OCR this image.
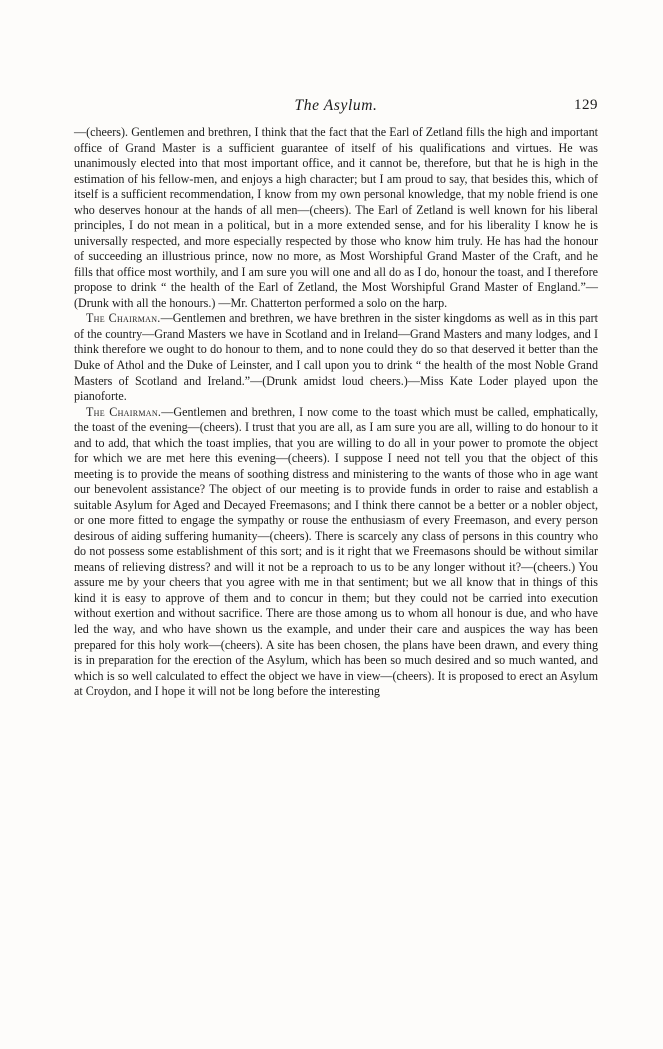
The Asylum.	129

—(cheers). Gentlemen and brethren, I think that the fact that the Earl of Zetland fills the high and important office of Grand Master is a sufficient guarantee of itself of his qualifications and virtues. He was unanimously elected into that most important office, and it cannot be, therefore, but that he is high in the estimation of his fellow-men, and enjoys a high character; but I am proud to say, that besides this, which of itself is a sufficient recommendation, I know from my own personal knowledge, that my noble friend is one who deserves honour at the hands of all men—(cheers). The Earl of Zetland is well known for his liberal principles, I do not mean in a political, but in a more extended sense, and for his liberality I know he is universally respected, and more especially respected by those who know him truly. He has had the honour of succeeding an illustrious prince, now no more, as Most Worshipful Grand Master of the Craft, and he fills that office most worthily, and I am sure you will one and all do as I do, honour the toast, and I therefore propose to drink “ the health of the Earl of Zetland, the Most Worshipful Grand Master of England.”—(Drunk with all the honours.) —Mr. Chatterton performed a solo on the harp.

The Chairman.—Gentlemen and brethren, we have brethren in the sister kingdoms as well as in this part of the country—Grand Masters we have in Scotland and in Ireland—Grand Masters and many lodges, and I think therefore we ought to do honour to them, and to none could they do so that deserved it better than the Duke of Athol and the Duke of Leinster, and I call upon you to drink “ the health of the most Noble Grand Masters of Scotland and Ireland.”—(Drunk amidst loud cheers.)—Miss Kate Loder played upon the pianoforte.

The Chairman.—Gentlemen and brethren, I now come to the toast which must be called, emphatically, the toast of the evening—(cheers). I trust that you are all, as I am sure you are all, willing to do honour to it and to add, that which the toast implies, that you are willing to do all in your power to promote the object for which we are met here this evening—(cheers). I suppose I need not tell you that the object of this meeting is to provide the means of soothing distress and ministering to the wants of those who in age want our benevolent assistance? The object of our meeting is to provide funds in order to raise and establish a suitable Asylum for Aged and Decayed Freemasons; and I think there cannot be a better or a nobler object, or one more fitted to engage the sympathy or rouse the enthusiasm of every Freemason, and every person desirous of aiding suffering humanity—(cheers). There is scarcely any class of persons in this country who do not possess some establishment of this sort; and is it right that we Freemasons should be without similar means of relieving distress? and will it not be a reproach to us to be any longer without it?—(cheers.) You assure me by your cheers that you agree with me in that sentiment; but we all know that in things of this kind it is easy to approve of them and to concur in them; but they could not be carried into execution without exertion and without sacrifice. There are those among us to whom all honour is due, and who have led the way, and who have shown us the example, and under their care and auspices the way has been prepared for this holy work—(cheers). A site has been chosen, the plans have been drawn, and every thing is in preparation for the erection of the Asylum, which has been so much desired and so much wanted, and which is so well calculated to effect the object we have in view—(cheers). It is proposed to erect an Asylum at Croydon, and I hope it will not be long before the interesting
